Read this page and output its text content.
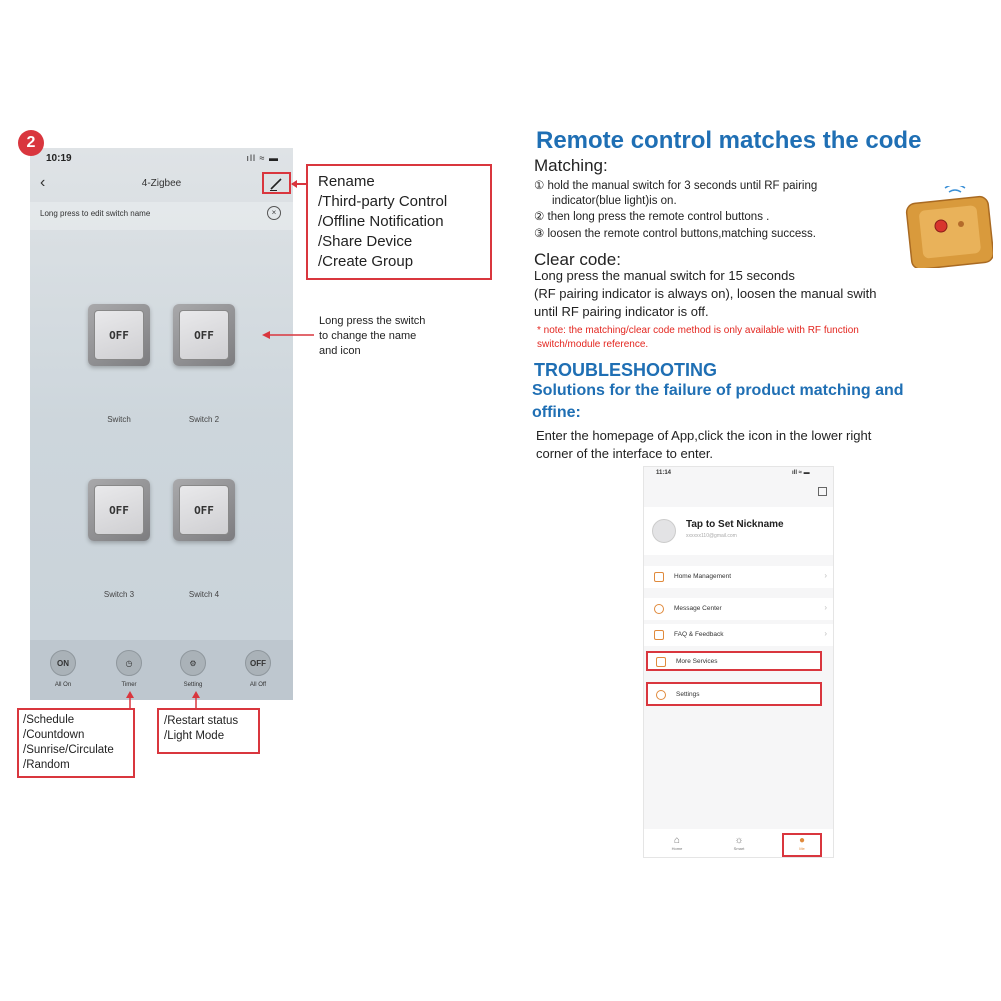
10:19	ıll ≈ ▬
‹	4-Zigbee
Long press to edit switch name	×
OFF	OFF
Switch	Switch 2
OFF	OFF
Switch 3	Switch 4
ON	◷	⚙	OFF
All On	Timer	Setting	All Off
2
Rename
/Third-party Control
/Offline Notification
/Share Device
/Create Group
Long press the switch
to change the name
and icon
/Schedule
/Countdown
/Sunrise/Circulate
/Random
/Restart status
/Light Mode
Remote control matches the code
Matching:
① hold the manual switch for 3 seconds until RF pairing
indicator(blue light)is on.
② then long press the remote control buttons .
③ loosen the remote control buttons,matching success.
Clear code:
Long press the manual switch for 15 seconds
(RF pairing indicator is always on), loosen the manual swith
until RF pairing indicator is off.
* note: the matching/clear code method is only available with RF function
switch/module reference.
TROUBLESHOOTING
Solutions for the failure of product matching and
offine:
Enter the homepage of App,click the icon in the lower right
corner of the interface to enter.
11:14	ıll ≈ ▬
Tap to Set Nickname
xxxxxx110@gmail.com
Home Management	›
Message Center	›
FAQ & Feedback	›
More Services
Settings
⌂
Home
☼
Smart
●
Me
